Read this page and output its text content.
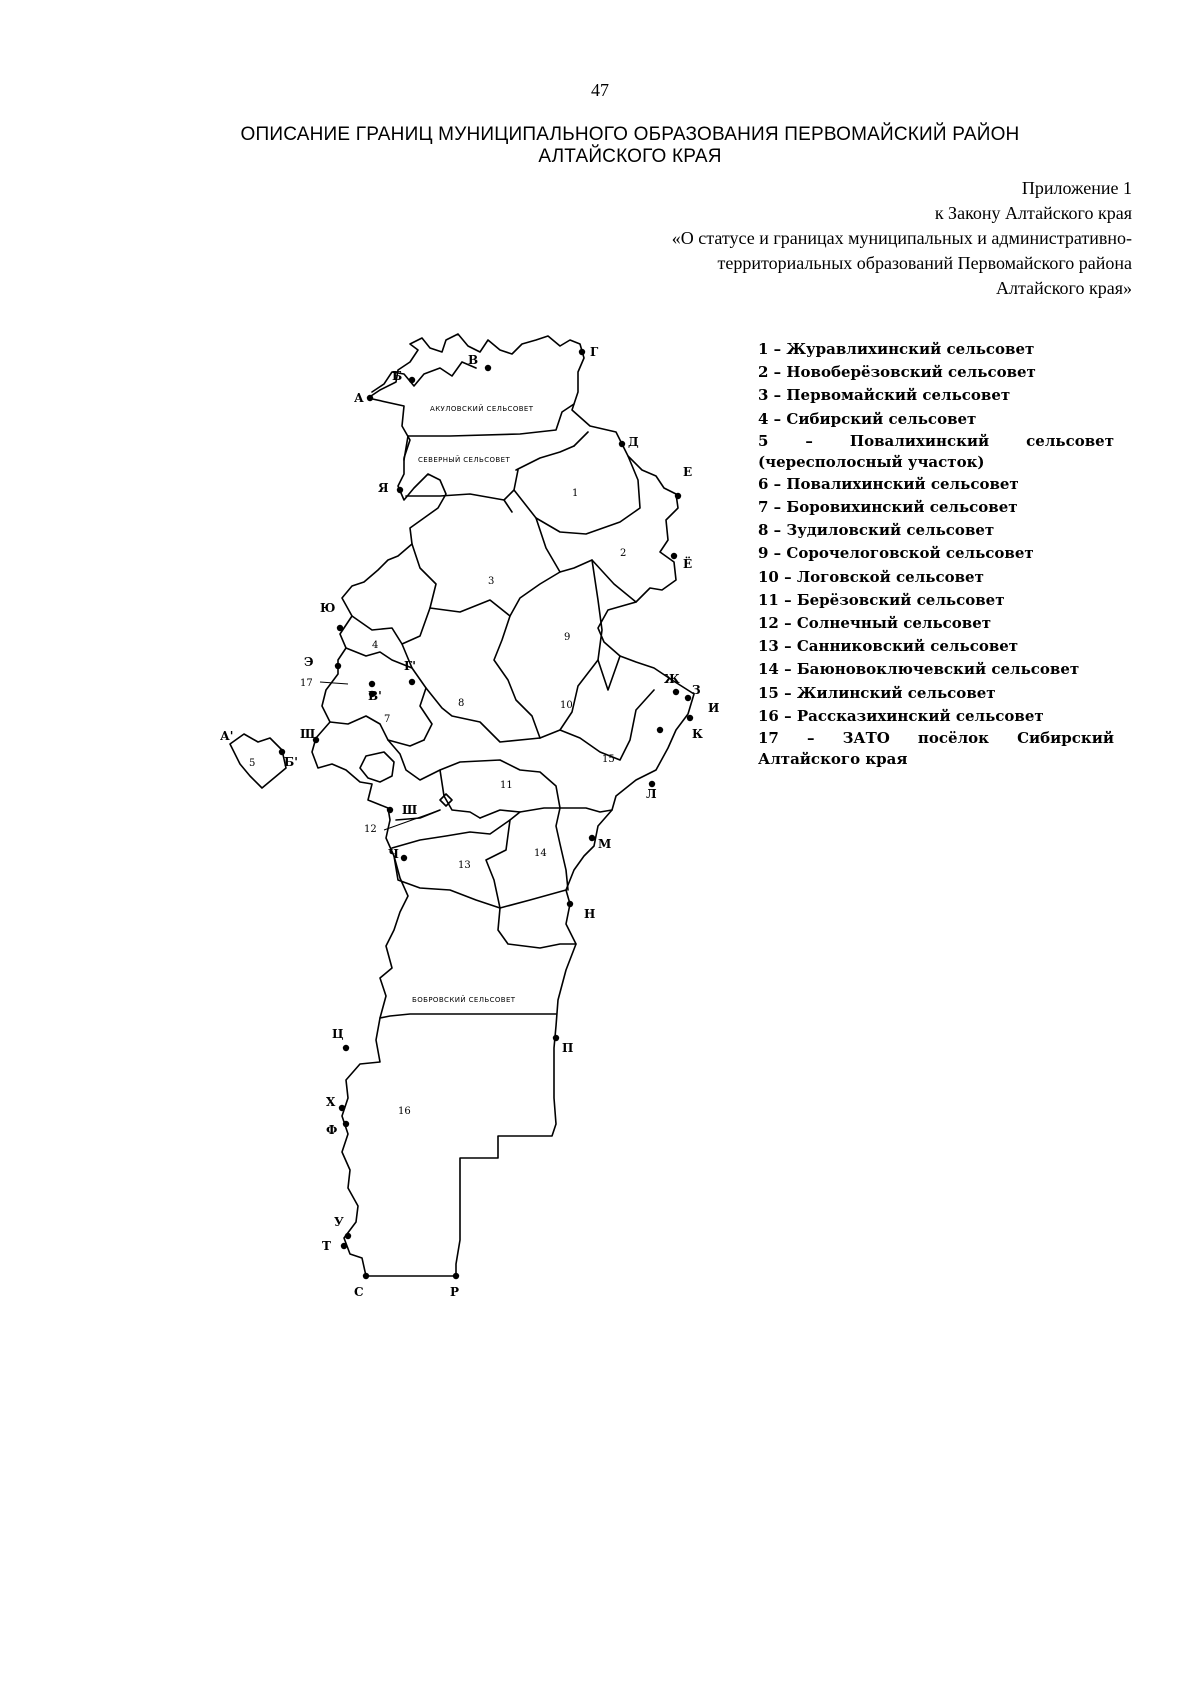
47
ОПИСАНИЕ ГРАНИЦ МУНИЦИПАЛЬНОГО ОБРАЗОВАНИЯ ПЕРВОМАЙСКИЙ РАЙОН
АЛТАЙСКОГО КРАЯ
Приложение 1
к Закону Алтайского края
«О статусе и границах муниципальных и административно-
территориальных образований Первомайского района
Алтайского края»
АКУЛОВСКИЙ СЕЛЬСОВЕТ
СЕВЕРНЫЙ СЕЛЬСОВЕТ
БОБРОВСКИЙ СЕЛЬСОВЕТ
1
2
3
4
5
7
8
9
10
11
12
13
14
15
16
17
А
Б
В
Г
Д
Е
Ё
Ж
З
И
К
Л
М
Н
П
Р
С
Т
У
Ф
Х
Ц
Ч
Ш
Щ
Э
Ю
Я
Г'
В'
Б'
А'
1 – Журавлихинский сельсовет
2 – Новоберёзовский сельсовет
3 – Первомайский сельсовет
4 – Сибирский сельсовет
5 – Повалихинский сельсовет (чересполосный участок)
6 – Повалихинский сельсовет
7 – Боровихинский сельсовет
8 – Зудиловский сельсовет
9 – Сорочелоговской сельсовет
10 – Логовской сельсовет
11 – Берёзовский сельсовет
12 – Солнечный сельсовет
13 – Санниковский сельсовет
14 – Баюновоключевский сельсовет
15 – Жилинский сельсовет
16 – Рассказихинский сельсовет
17 – ЗАТО посёлок Сибирский Алтайского края
